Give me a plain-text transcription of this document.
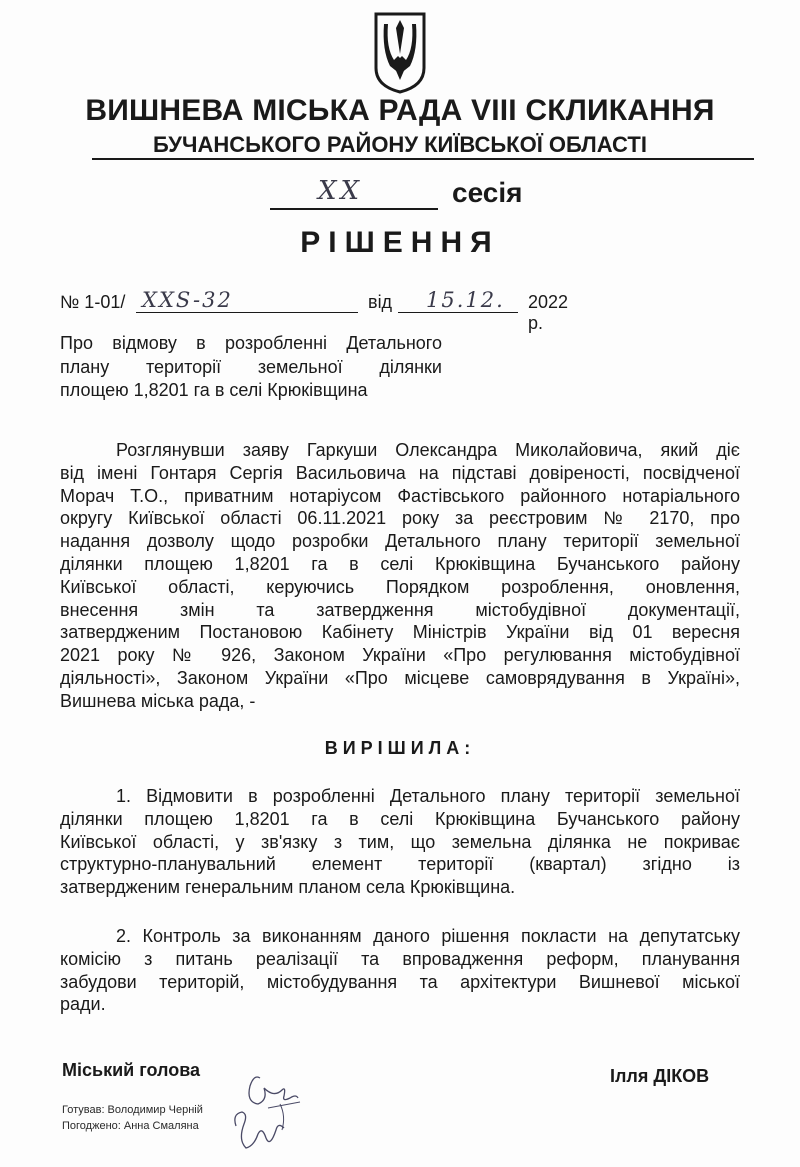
ВИШНЕВА МІСЬКА РАДА VIII СКЛИКАННЯ
БУЧАНСЬКОГО РАЙОНУ КИЇВСЬКОЇ ОБЛАСТІ
XX	сесія
РІШЕННЯ
№ 1-01/ XXS-32	від 15.12. 2022 р.
Про відмову в розробленні Детального
плану території земельної ділянки
площею 1,8201 га в селі Крюківщина
Розглянувши заяву Гаркуши Олександра Миколайовича, який діє
від імені Гонтаря Сергія Васильовича на підставі довіреності, посвідченої
Морач Т.О., приватним нотаріусом Фастівського районного нотаріального
округу Київської області 06.11.2021 року за реєстровим № 2170, про
надання дозволу щодо розробки Детального плану території земельної
ділянки площею 1,8201 га в селі Крюківщина Бучанського району
Київської області, керуючись Порядком розроблення, оновлення,
внесення змін та затвердження містобудівної документації,
затвердженим Постановою Кабінету Міністрів України від 01 вересня
2021 року № 926, Законом України «Про регулювання містобудівної
діяльності», Законом України «Про місцеве самоврядування в Україні»,
Вишнева міська рада, -
ВИРІШИЛА:
1. Відмовити в розробленні Детального плану території земельної
ділянки площею 1,8201 га в селі Крюківщина Бучанського району
Київської області, у зв'язку з тим, що земельна ділянка не покриває
структурно-планувальний елемент території (квартал) згідно із
затвердженим генеральним планом села Крюківщина.
2. Контроль за виконанням даного рішення покласти на депутатську
комісію з питань реалізації та впровадження реформ, планування
забудови територій, містобудування та архітектури Вишневої міської
ради.
Міський голова	Ілля ДІКОВ
Готував: Володимир Черній
Погоджено: Анна Смаляна
